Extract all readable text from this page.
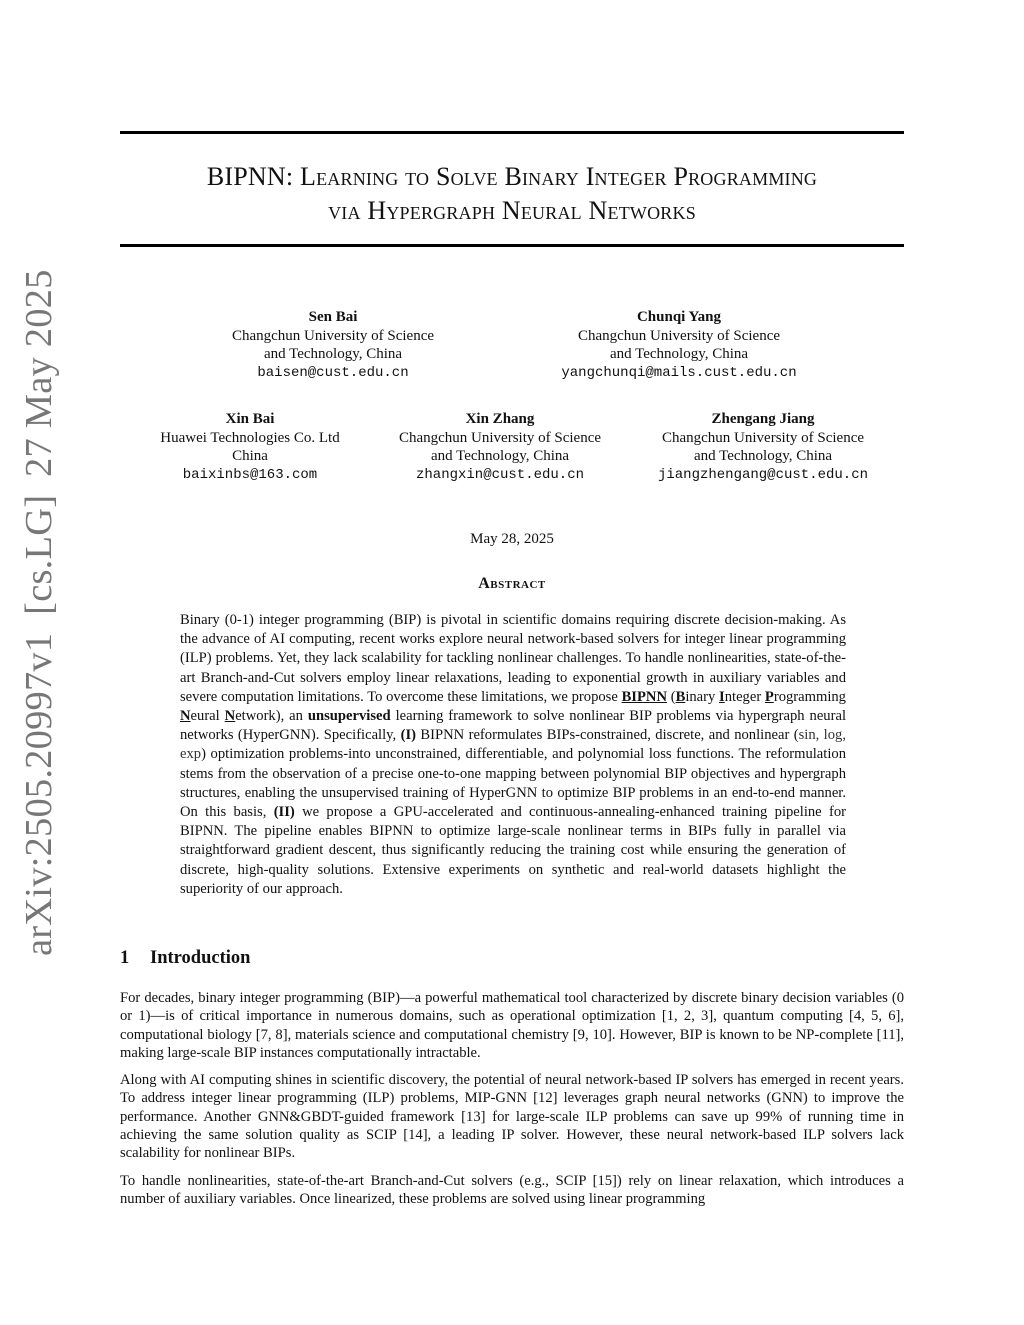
arXiv:2505.20997v1 [cs.LG] 27 May 2025
BIPNN: Learning to Solve Binary Integer Programming
via Hypergraph Neural Networks
Sen Bai
Changchun University of Science
and Technology, China
baisen@cust.edu.cn
Chunqi Yang
Changchun University of Science
and Technology, China
yangchunqi@mails.cust.edu.cn
Xin Bai
Huawei Technologies Co. Ltd
China
baixinbs@163.com
Xin Zhang
Changchun University of Science
and Technology, China
zhangxin@cust.edu.cn
Zhengang Jiang
Changchun University of Science
and Technology, China
jiangzhengang@cust.edu.cn
May 28, 2025
Abstract

Binary (0-1) integer programming (BIP) is pivotal in scientific domains requiring discrete decision-making. As the advance of AI computing, recent works explore neural network-based solvers for integer linear programming (ILP) problems. Yet, they lack scalability for tackling nonlinear challenges. To handle nonlinearities, state-of-the-art Branch-and-Cut solvers employ linear relaxations, leading to exponential growth in auxiliary variables and severe computation limitations. To overcome these limitations, we propose BIPNN (Binary Integer Programming Neural Network), an unsupervised learning framework to solve nonlinear BIP problems via hypergraph neural networks (HyperGNN). Specifically, (I) BIPNN reformulates BIPs-constrained, discrete, and nonlinear (sin, log, exp) optimization problems-into unconstrained, differentiable, and polynomial loss functions. The reformulation stems from the observation of a precise one-to-one mapping between polynomial BIP objectives and hypergraph structures, enabling the unsupervised training of HyperGNN to optimize BIP problems in an end-to-end manner. On this basis, (II) we propose a GPU-accelerated and continuous-annealing-enhanced training pipeline for BIPNN. The pipeline enables BIPNN to optimize large-scale nonlinear terms in BIPs fully in parallel via straightforward gradient descent, thus significantly reducing the training cost while ensuring the generation of discrete, high-quality solutions. Extensive experiments on synthetic and real-world datasets highlight the superiority of our approach.

1 Introduction

For decades, binary integer programming (BIP)—a powerful mathematical tool characterized by discrete binary decision variables (0 or 1)—is of critical importance in numerous domains, such as operational optimization [1, 2, 3], quantum computing [4, 5, 6], computational biology [7, 8], materials science and computational chemistry [9, 10]. However, BIP is known to be NP-complete [11], making large-scale BIP instances computationally intractable.

Along with AI computing shines in scientific discovery, the potential of neural network-based IP solvers has emerged in recent years. To address integer linear programming (ILP) problems, MIP-GNN [12] leverages graph neural networks (GNN) to improve the performance. Another GNN&GBDT-guided framework [13] for large-scale ILP problems can save up 99% of running time in achieving the same solution quality as SCIP [14], a leading IP solver. However, these neural network-based ILP solvers lack scalability for nonlinear BIPs.

To handle nonlinearities, state-of-the-art Branch-and-Cut solvers (e.g., SCIP [15]) rely on linear relaxation, which introduces a number of auxiliary variables. Once linearized, these problems are solved using linear programming
